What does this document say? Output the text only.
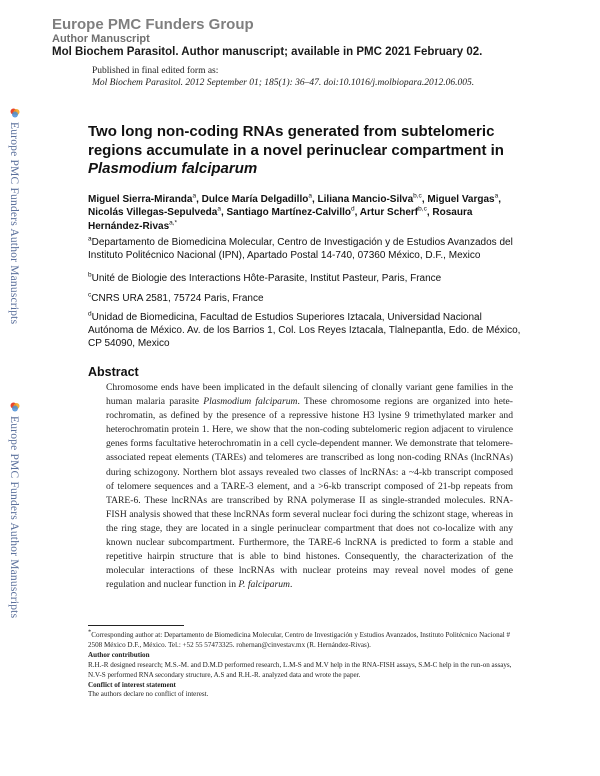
Europe PMC Funders Group
Author Manuscript
Mol Biochem Parasitol. Author manuscript; available in PMC 2021 February 02.
Published in final edited form as:
Mol Biochem Parasitol. 2012 September 01; 185(1): 36–47. doi:10.1016/j.molbiopara.2012.06.005.
Europe PMC Funders Author Manuscripts
Europe PMC Funders Author Manuscripts
Two long non-coding RNAs generated from subtelomeric regions accumulate in a novel perinuclear compartment in Plasmodium falciparum
Miguel Sierra-Miranda$^a$, Dulce María Delgadillo$^a$, Liliana Mancio-Silva$^{b,c}$, Miguel Vargas$^a$, Nicolás Villegas-Sepulveda$^a$, Santiago Martínez-Calvillo$^d$, Artur Scherf$^{b,c}$, Rosaura Hernández-Rivas$^{a,*}$
$^a$Departamento de Biomedicina Molecular, Centro de Investigación y de Estudios Avanzados del Instituto Politécnico Nacional (IPN), Apartado Postal 14-740, 07360 México, D.F., Mexico
$^b$Unité de Biologie des Interactions Hôte-Parasite, Institut Pasteur, Paris, France
$^c$CNRS URA 2581, 75724 Paris, France
$^d$Unidad de Biomedicina, Facultad de Estudios Superiores Iztacala, Universidad Nacional Autónoma de México. Av. de los Barrios 1, Col. Los Reyes Iztacala, Tlalnepantla, Edo. de México, CP 54090, Mexico
Abstract
Chromosome ends have been implicated in the default silencing of clonally variant gene families in the human malaria parasite Plasmodium falciparum. These chromosome regions are organized into hete-rochromatin, as defined by the presence of a repressive histone H3 lysine 9 trimethylated marker and heterochromatin protein 1. Here, we show that the non-coding subtelomeric region adjacent to virulence genes forms facultative heterochromatin in a cell cycle-dependent manner. We demonstrate that telomere-associated repeat elements (TAREs) and telomeres are transcribed as long non-coding RNAs (lncRNAs) during schizogony. Northern blot assays revealed two classes of lncRNAs: a ~4-kb transcript composed of telomere sequences and a TARE-3 element, and a >6-kb transcript composed of 21-bp repeats from TARE-6. These lncRNAs are transcribed by RNA polymerase II as single-stranded molecules. RNA-FISH analysis showed that these lncRNAs form several nuclear foci during the schizont stage, whereas in the ring stage, they are located in a single perinuclear compartment that does not co-localize with any known nuclear subcompartment. Furthermore, the TARE-6 lncRNA is predicted to form a stable and repetitive hairpin structure that is able to bind histones. Consequently, the characterization of the molecular interactions of these lncRNAs with nuclear proteins may reveal novel modes of gene regulation and nuclear function in P. falciparum.
*Corresponding author at: Departamento de Biomedicina Molecular, Centro de Investigación y Estudios Avanzados, Instituto Politécnico Nacional # 2508 México D.F., México. Tel.: +52 55 57473325. rohernan@cinvestav.mx (R. Hernández-Rivas).
Author contribution
R.H.-R designed research; M.S.-M. and D.M.D performed research, L.M-S and M.V help in the RNA-FISH assays, S.M-C help in the run-on assays, N.V-S performed RNA secondary structure, A.S and R.H.-R. analyzed data and wrote the paper.
Conflict of interest statement
The authors declare no conflict of interest.
